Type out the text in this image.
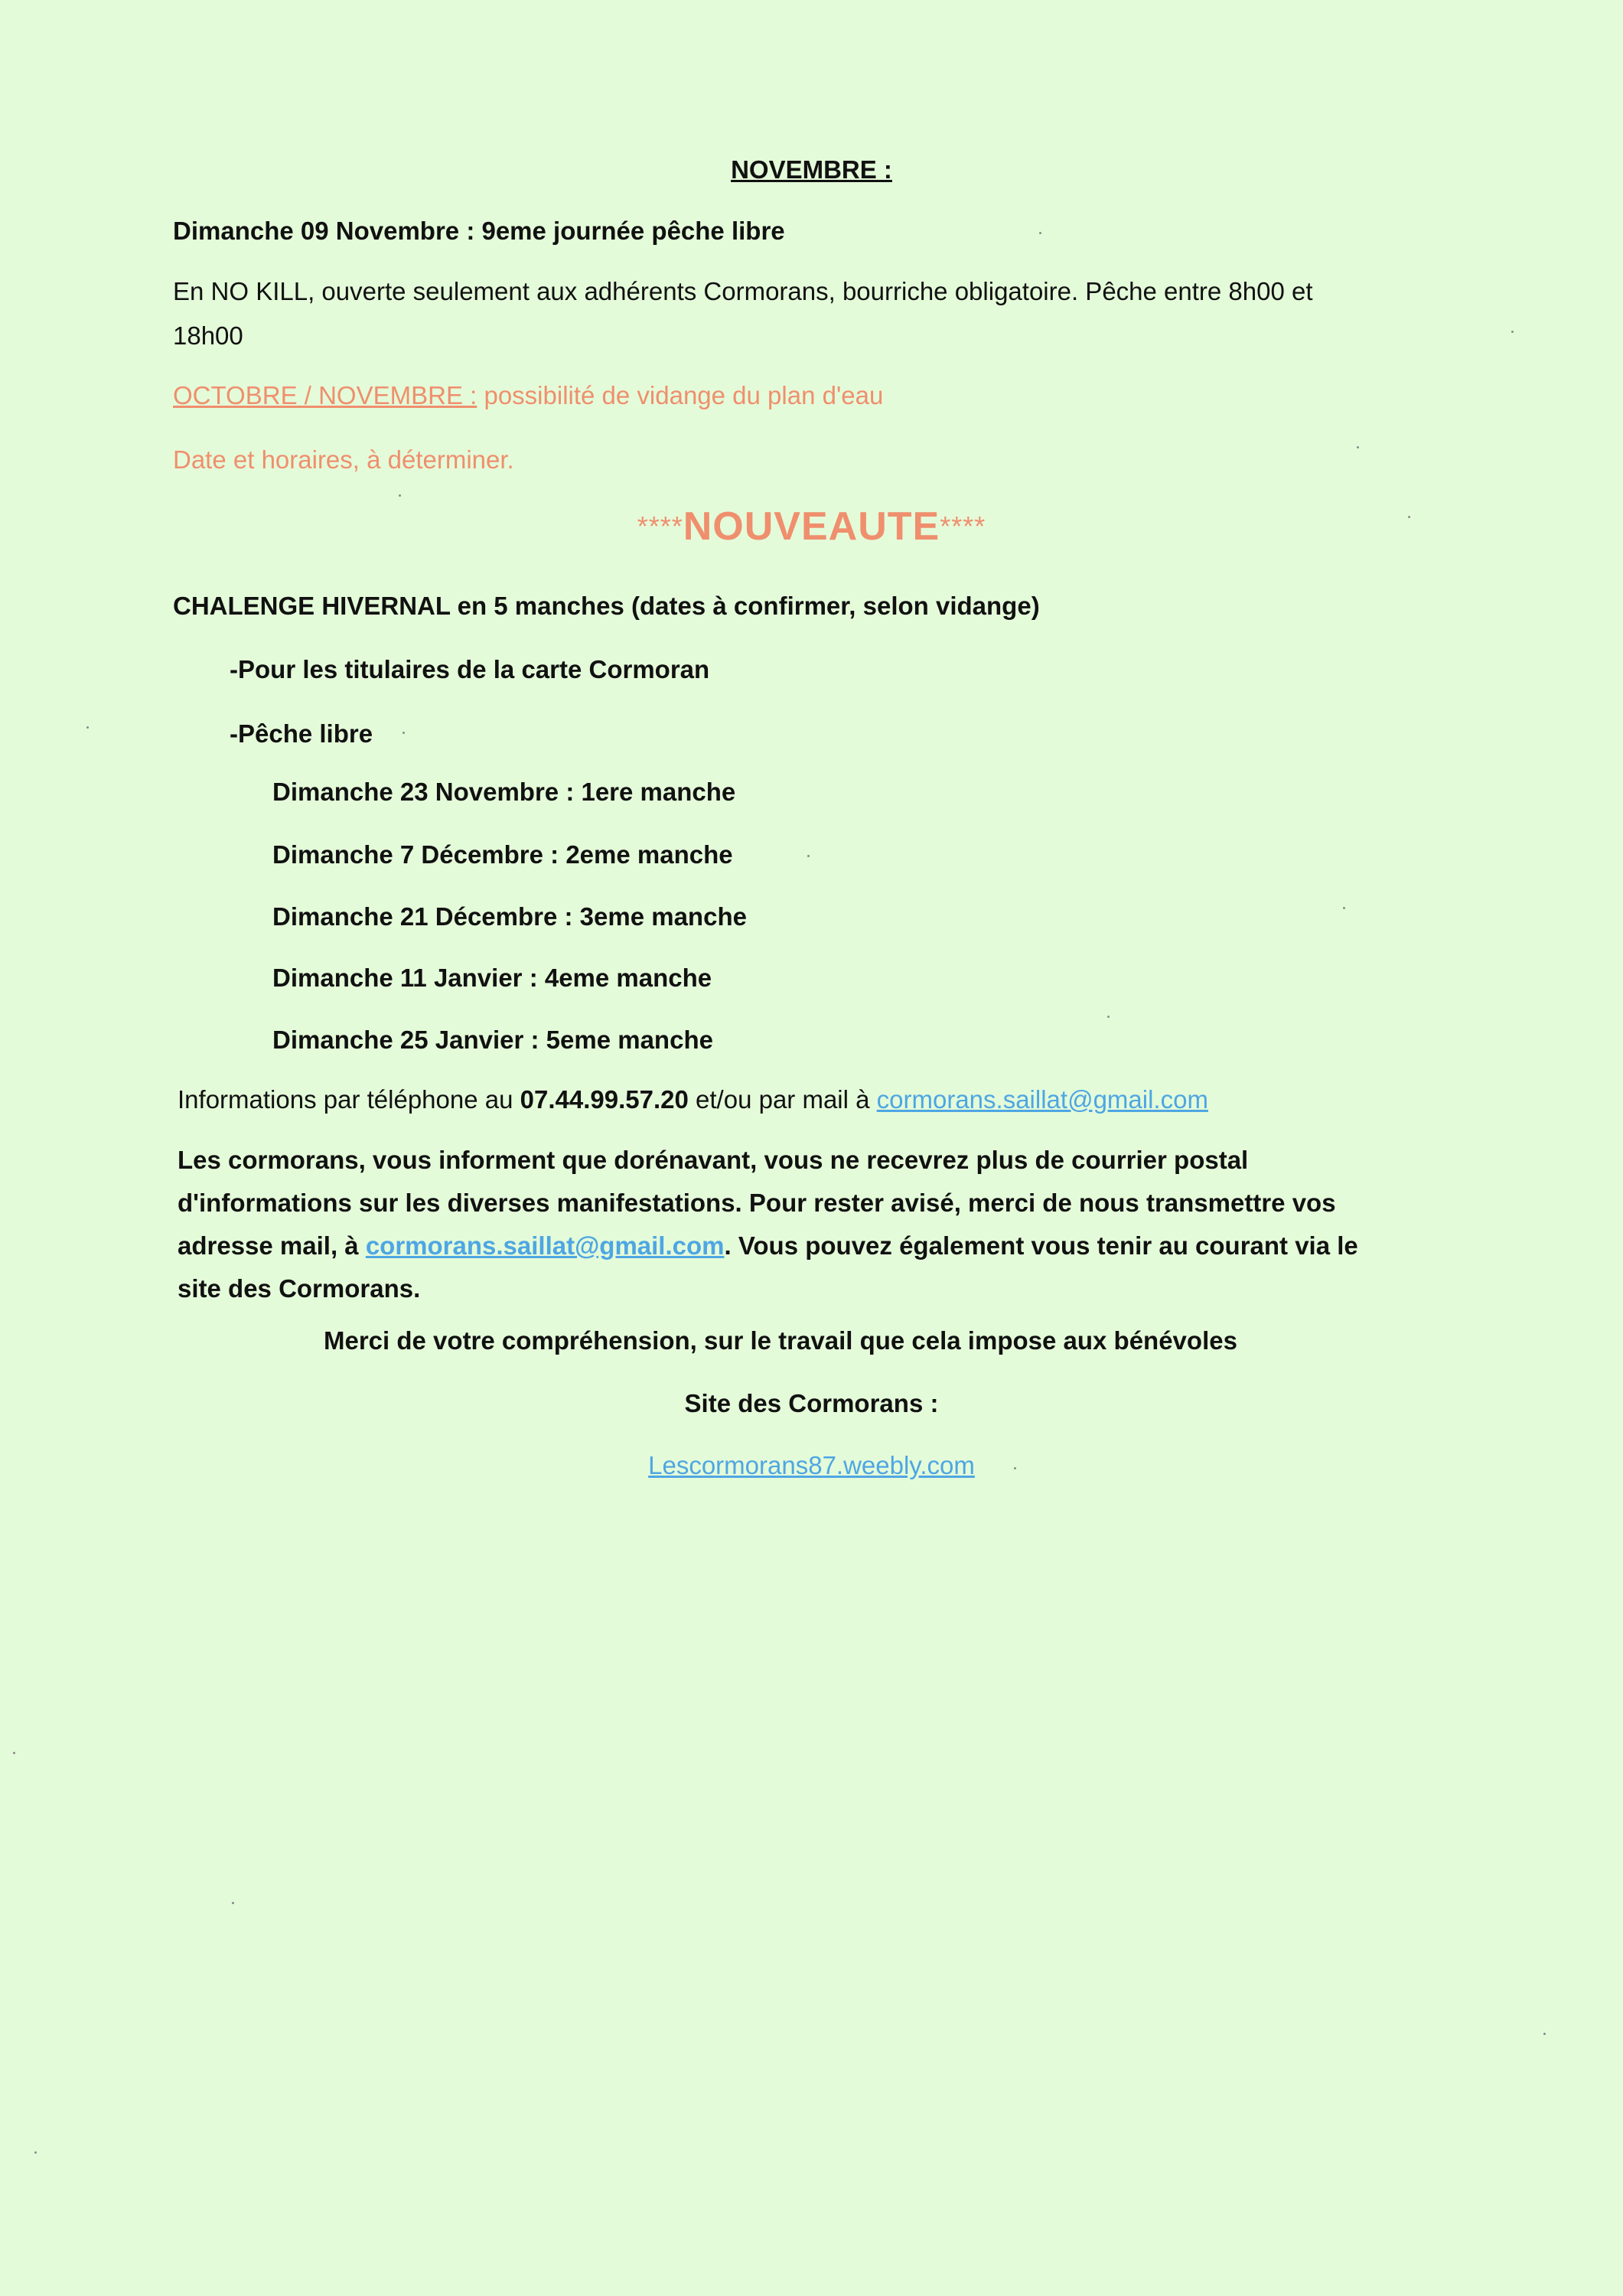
NOVEMBRE :

Dimanche 09 Novembre : 9eme journée pêche libre

En NO KILL, ouverte seulement aux adhérents Cormorans, bourriche obligatoire. Pêche entre 8h00 et

18h00

OCTOBRE / NOVEMBRE : possibilité de vidange du plan d'eau

Date et horaires, à déterminer.

****NOUVEAUTE****

CHALENGE HIVERNAL en 5 manches (dates à confirmer, selon vidange)

-Pour les titulaires de la carte Cormoran

-Pêche libre

Dimanche 23 Novembre : 1ere manche

Dimanche 7 Décembre : 2eme manche

Dimanche 21 Décembre : 3eme manche

Dimanche 11 Janvier : 4eme manche

Dimanche 25 Janvier : 5eme manche

Informations par téléphone au 07.44.99.57.20 et/ou par mail à cormorans.saillat@gmail.com

Les cormorans, vous informent que dorénavant, vous ne recevrez plus de courrier postal

d'informations sur les diverses manifestations. Pour rester avisé, merci de nous transmettre vos

adresse mail, à cormorans.saillat@gmail.com. Vous pouvez également vous tenir au courant via le

site des Cormorans.

Merci de votre compréhension, sur le travail que cela impose aux bénévoles

Site des Cormorans :

Lescormorans87.weebly.com
